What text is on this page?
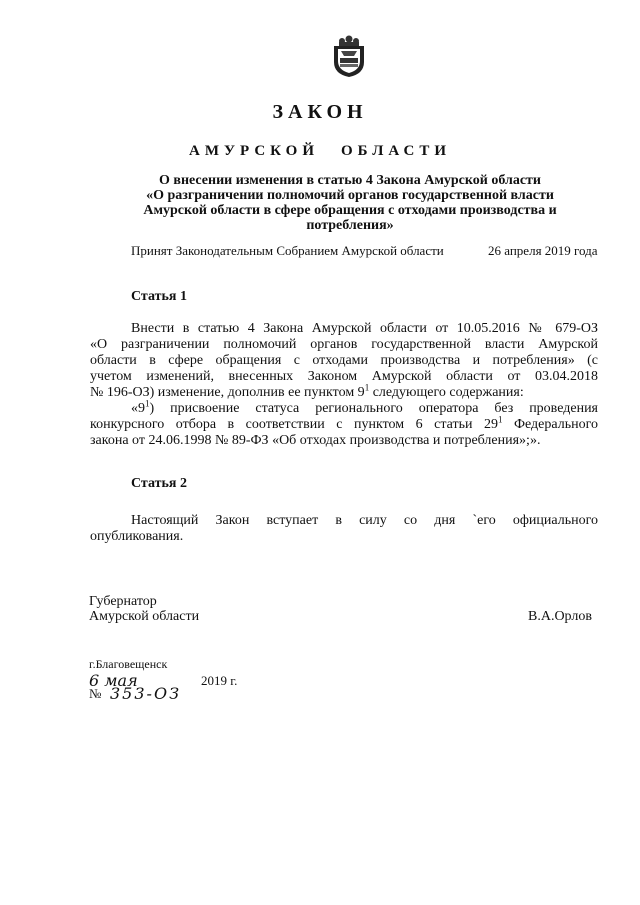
ЗАКОН
АМУРСКОЙ ОБЛАСТИ
О внесении изменения в статью 4 Закона Амурской области
«О разграничении полномочий органов государственной власти
Амурской области в сфере обращения с отходами производства и
потребления»
Принят Законодательным Собранием Амурской области	26 апреля 2019 года
Статья 1
Внести в статью 4 Закона Амурской области от 10.05.2016 № 679-ОЗ
«О разграничении полномочий органов государственной власти Амурской
области в сфере обращения с отходами производства и потребления» (с
учетом изменений, внесенных Законом Амурской области от 03.04.2018
№ 196-ОЗ) изменение, дополнив ее пунктом $9^1$ следующего содержания:
«$9^1$) присвоение статуса регионального оператора без проведения
конкурсного отбора в соответствии с пунктом 6 статьи $29^1$ Федерального
закона от 24.06.1998 № 89-ФЗ «Об отходах производства и потребления»;».
Статья 2
Настоящий Закон вступает в силу со дня `его официального
опубликования.
Губернатор
Амурской области	В.А.Орлов
г.Благовещенск
6 мая	2019 г.
№ 353-ОЗ
